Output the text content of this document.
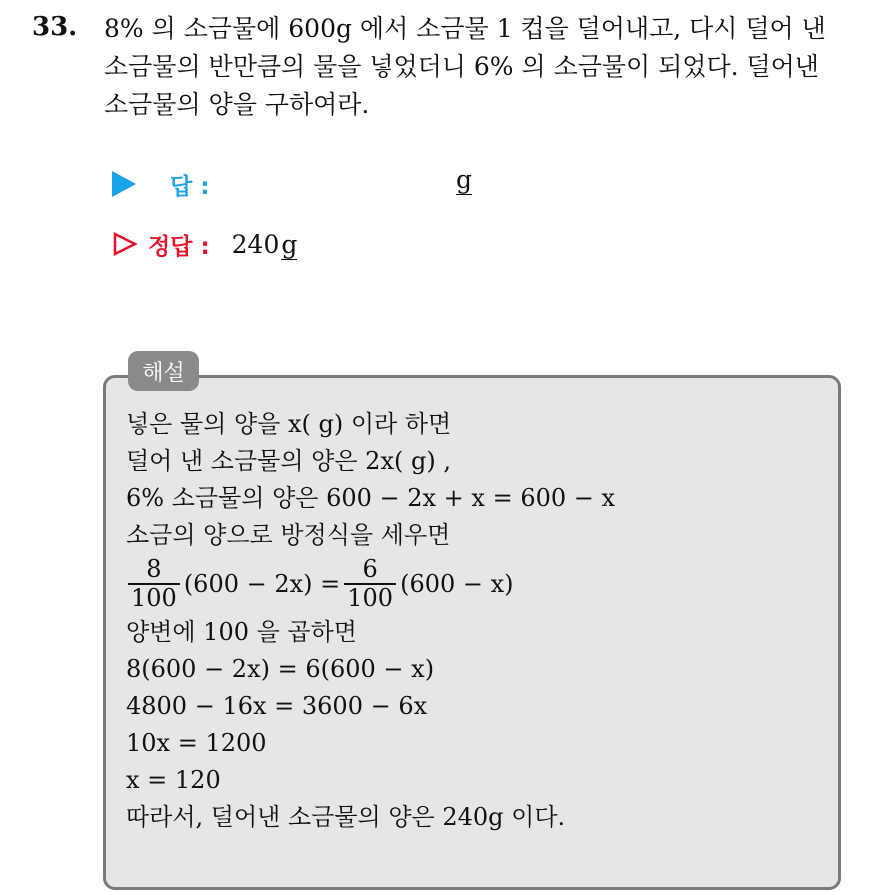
33. 8% 의 소금물에 600g 에서 소금물 1 컵을 덜어내고, 다시 덜어 낸
소금물의 반만큼의 물을 넣었더니 6% 의 소금물이 되었다. 덜어낸
소금물의 양을 구하여라.
답 :	g
정답 : 240g
해설
넣은 물의 양을 x( g) 이라 하면
덜어 낸 소금물의 양은 2x( g) ,
6% 소금물의 양은 600 − 2x + x = 600 − x
소금의 양으로 방정식을 세우면
$\frac{8}{100} (600 - 2x) = \frac{6}{100} (600 - x)$
양변에 100 을 곱하면
8(600 − 2x) = 6(600 − x)
4800 − 16x = 3600 − 6x
10x = 1200
x = 120
따라서, 덜어낸 소금물의 양은 240g 이다.
